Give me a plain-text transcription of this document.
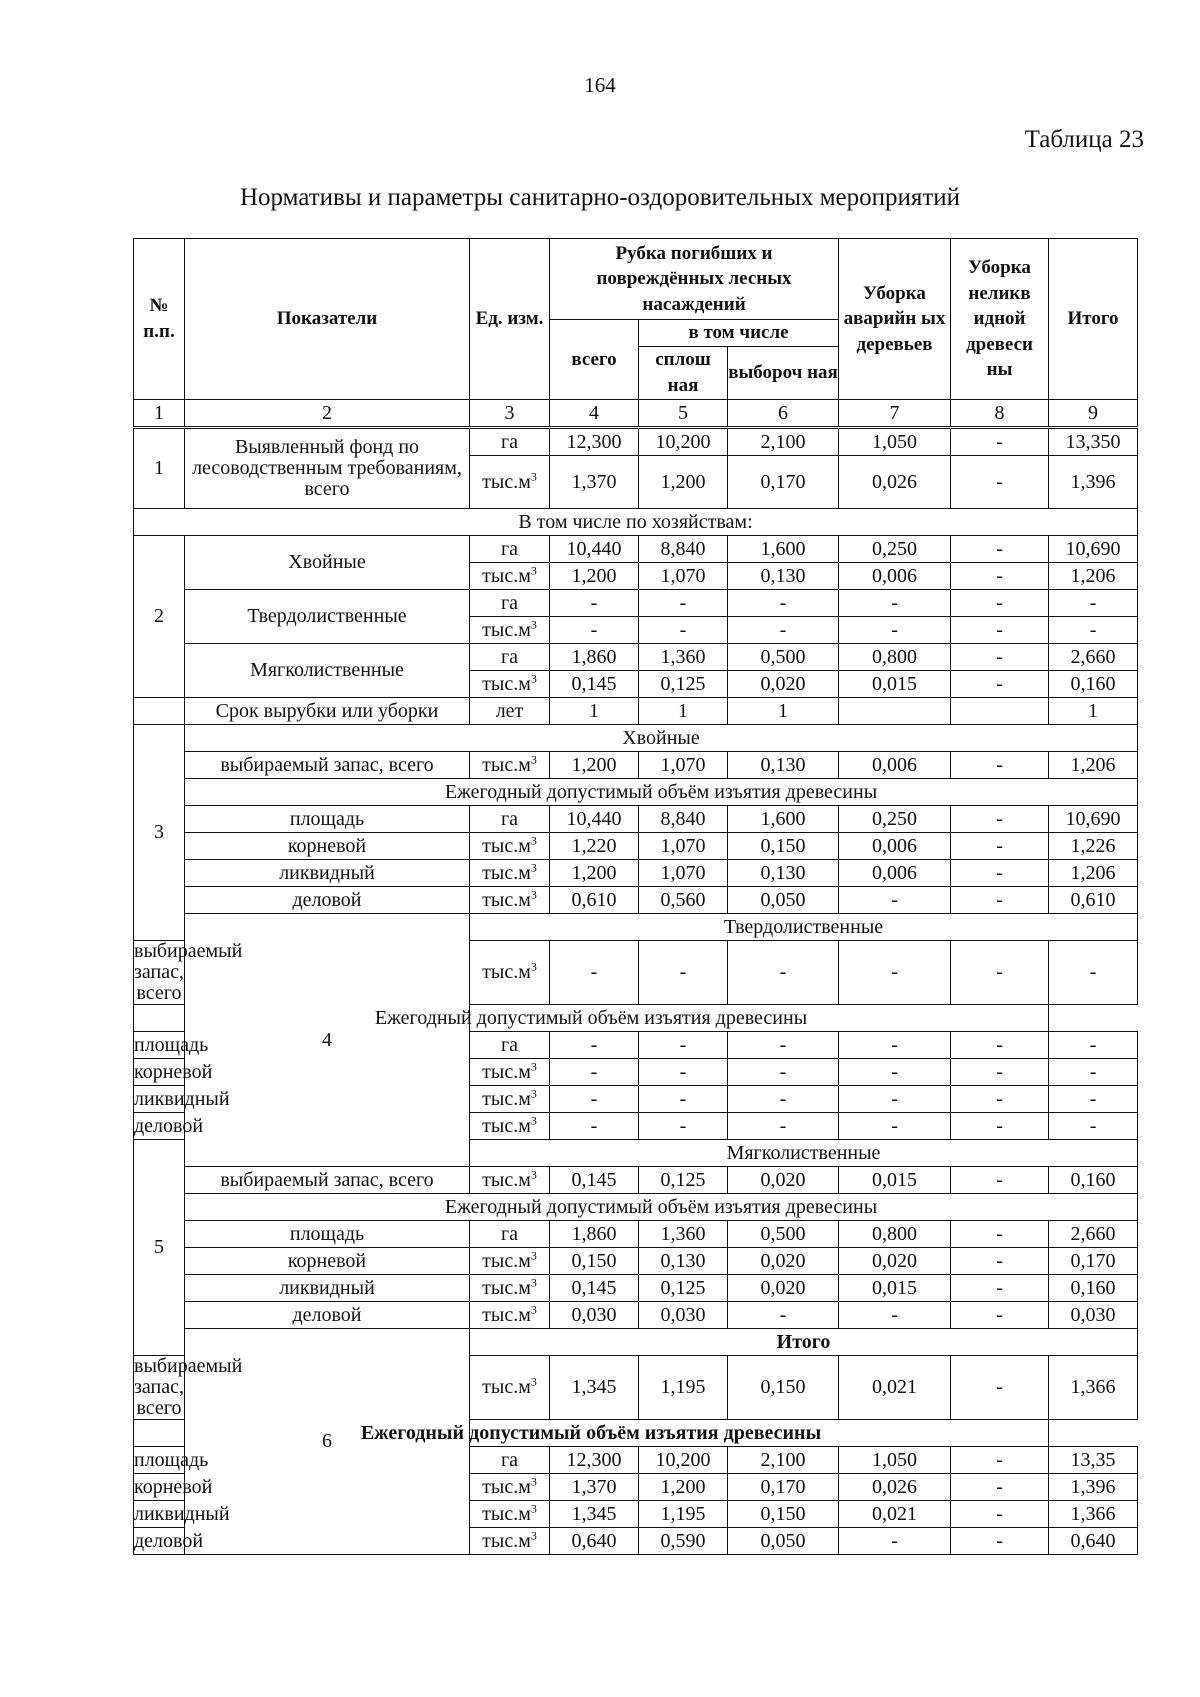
164
Таблица 23
Нормативы и параметры санитарно-оздоровительных мероприятий
№ п.п.	Показатели	Ед. изм.	Рубка погибших и повреждённых лесных насаждений			Уборка аварийн ых деревьев	Уборка неликв идной древеси ны	Итого
			всего	в том числе				
				сплош ная	выбороч ная			
1	2	3	4	5	6	7	8	9
1	Выявленный фонд по лесоводственным требованиям, всего	га	12,300	10,200	2,100	1,050	-	13,350
		$тыс.м^3$	1,370	1,200	0,170	0,026	-	1,396
В том числе по хозяйствам:								
2	Хвойные	га	10,440	8,840	1,600	0,250	-	10,690
		$тыс.м^3$	1,200	1,070	0,130	0,006	-	1,206
	Твердолиственные	га	-	-	-	-	-	-
		$тыс.м^3$	-	-	-	-	-	-
	Мягколиственные	га	1,860	1,360	0,500	0,800	-	2,660
		$тыс.м^3$	0,145	0,125	0,020	0,015	-	0,160
	Срок вырубки или уборки	лет	1	1	1			1
3	Хвойные							
	выбираемый запас, всего	$тыс.м^3$	1,200	1,070	0,130	0,006	-	1,206
	Ежегодный допустимый объём изъятия древесины							
	площадь	га	10,440	8,840	1,600	0,250	-	10,690
	корневой	$тыс.м^3$	1,220	1,070	0,150	0,006	-	1,226
	ликвидный	$тыс.м^3$	1,200	1,070	0,130	0,006	-	1,206
	деловой	$тыс.м^3$	0,610	0,560	0,050	-	-	0,610
	4	Твердолиственные						
выбираемый запас, всего		$тыс.м^3$	-	-	-	-	-	-
Ежегодный допустимый объём изъятия древесины								
площадь		га	-	-	-	-	-	-
корневой		$тыс.м^3$	-	-	-	-	-	-
ликвидный		$тыс.м^3$	-	-	-	-	-	-
деловой		$тыс.м^3$	-	-	-	-	-	-
5		Мягколиственные						
	выбираемый запас, всего	$тыс.м^3$	0,145	0,125	0,020	0,015	-	0,160
	Ежегодный допустимый объём изъятия древесины							
	площадь	га	1,860	1,360	0,500	0,800	-	2,660
	корневой	$тыс.м^3$	0,150	0,130	0,020	0,020	-	0,170
	ликвидный	$тыс.м^3$	0,145	0,125	0,020	0,015	-	0,160
	деловой	$тыс.м^3$	0,030	0,030	-	-	-	0,030
	6	Итого						
выбираемый запас, всего		$тыс.м^3$	1,345	1,195	0,150	0,021	-	1,366
Ежегодный допустимый объём изъятия древесины								
площадь		га	12,300	10,200	2,100	1,050	-	13,35
корневой		$тыс.м^3$	1,370	1,200	0,170	0,026	-	1,396
ликвидный		$тыс.м^3$	1,345	1,195	0,150	0,021	-	1,366
деловой		$тыс.м^3$	0,640	0,590	0,050	-	-	0,640
